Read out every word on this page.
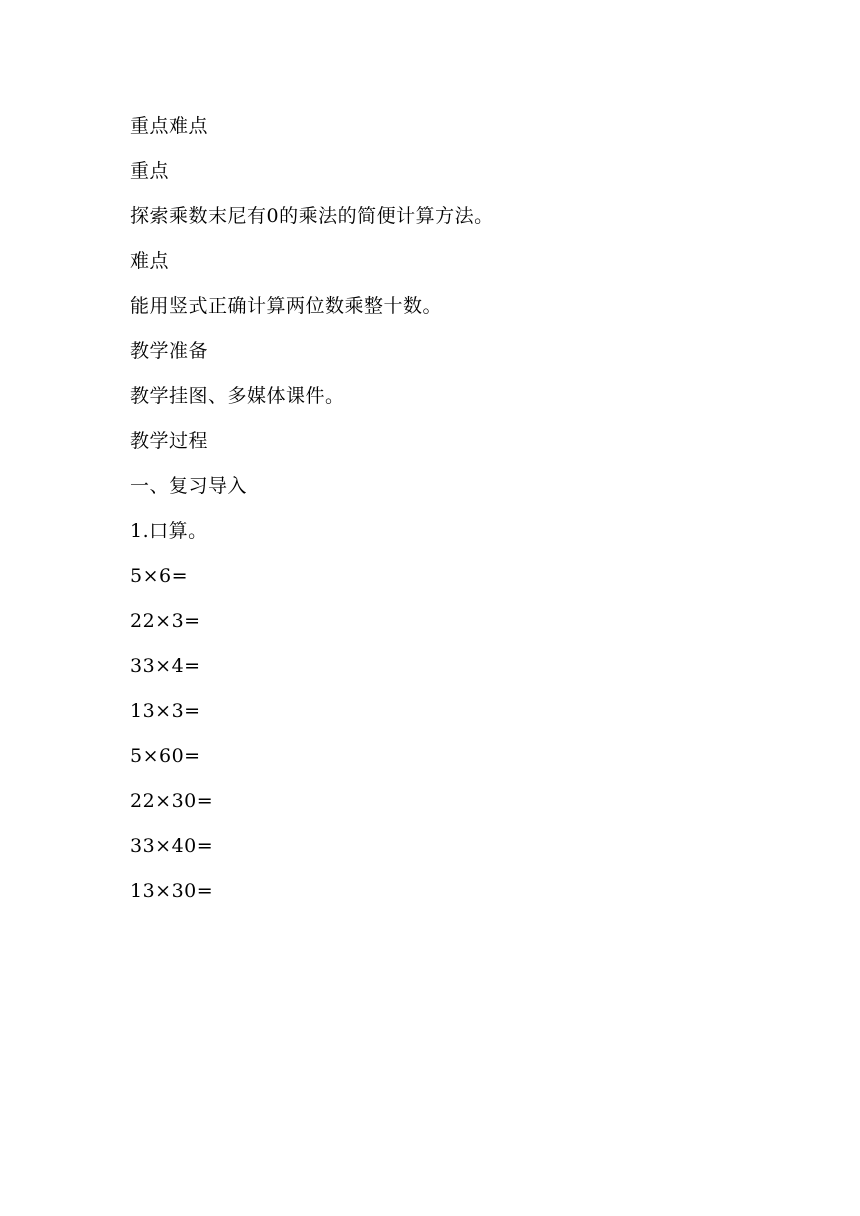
重点难点

重点

探索乘数末尼有0的乘法的简便计算方法。

难点

能用竖式正确计算两位数乘整十数。

教学准备

教学挂图、多媒体课件。

教学过程

一、复习导入

1.口算。

5×6=

22×3=

33×4=

13×3=

5×60=

22×30=

33×40=

13×30=
